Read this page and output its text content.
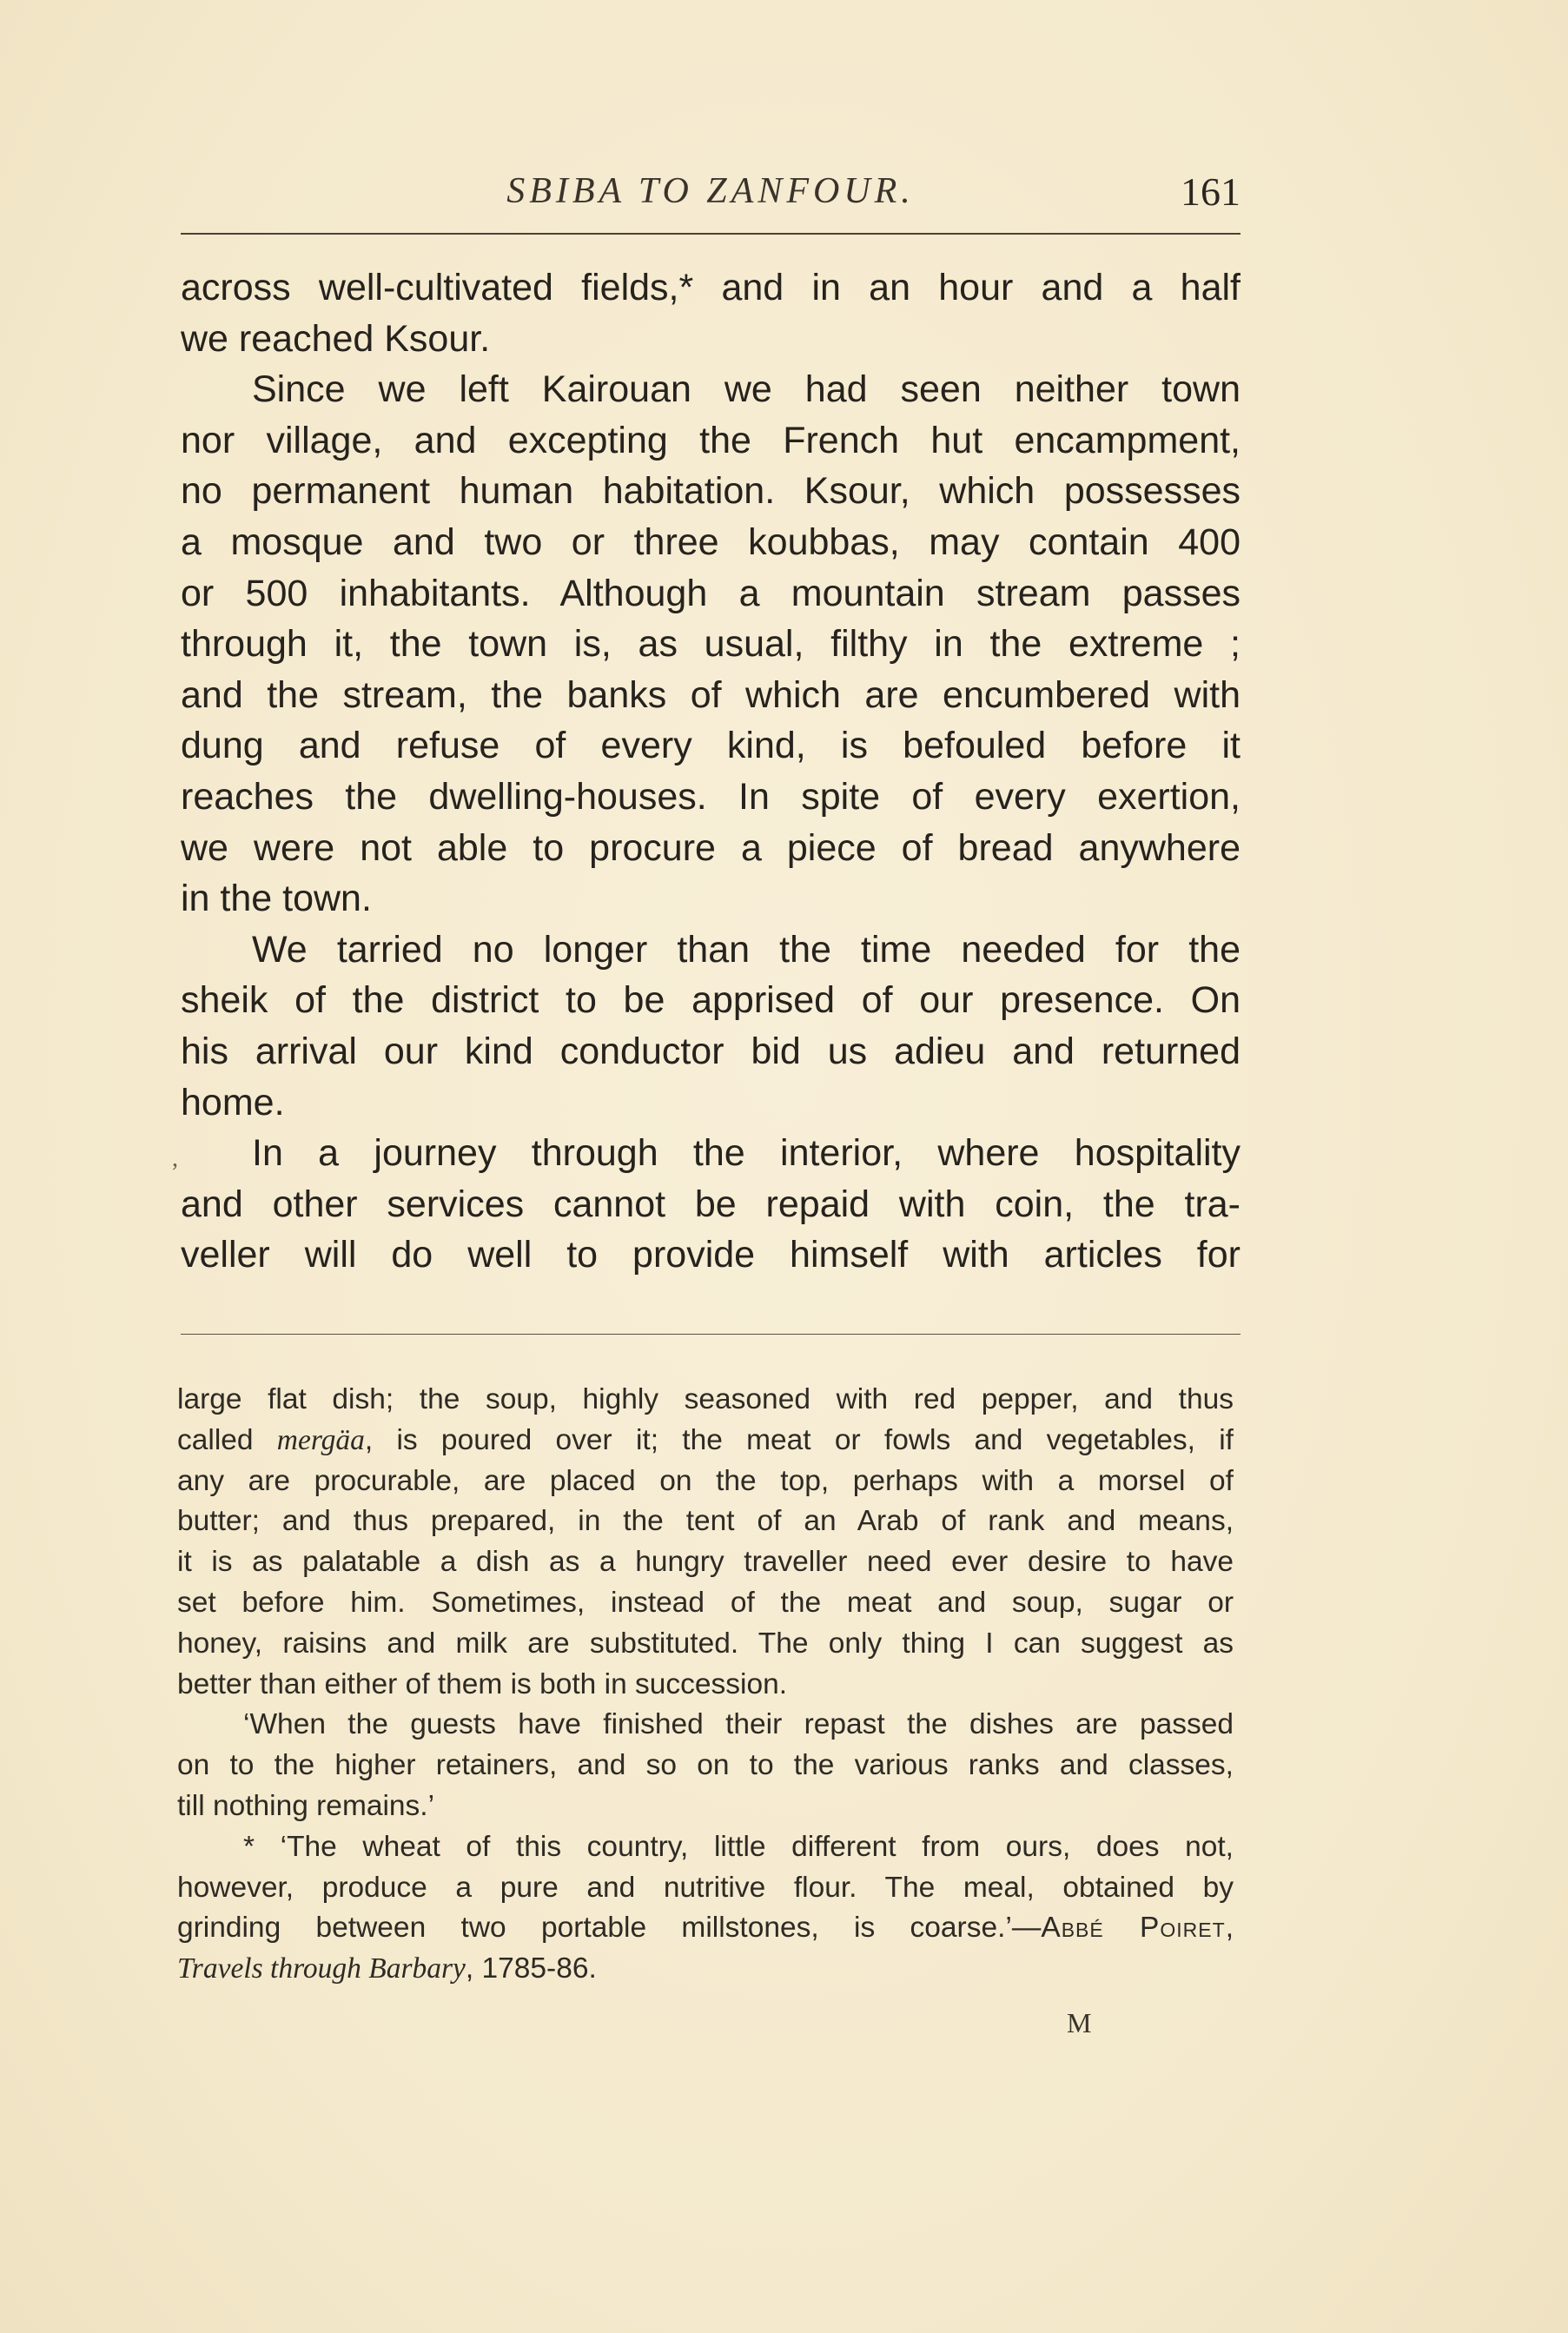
SBIBA TO ZANFOUR.	161
across well-cultivated fields,* and in an hour and a half
we reached Ksour.
Since we left Kairouan we had seen neither town
nor village, and excepting the French hut encampment,
no permanent human habitation. Ksour, which possesses
a mosque and two or three koubbas, may contain 400
or 500 inhabitants. Although a mountain stream passes
through it, the town is, as usual, filthy in the extreme ;
and the stream, the banks of which are encumbered with
dung and refuse of every kind, is befouled before it
reaches the dwelling-houses. In spite of every exertion,
we were not able to procure a piece of bread anywhere
in the town.
We tarried no longer than the time needed for the
sheik of the district to be apprised of our presence. On
his arrival our kind conductor bid us adieu and returned
home.
In a journey through the interior, where hospitality
and other services cannot be repaid with coin, the tra-
veller will do well to provide himself with articles for
,
large flat dish; the soup, highly seasoned with red pepper, and thus
called mergäa, is poured over it; the meat or fowls and vegetables, if
any are procurable, are placed on the top, perhaps with a morsel of
butter; and thus prepared, in the tent of an Arab of rank and means,
it is as palatable a dish as a hungry traveller need ever desire to have
set before him. Sometimes, instead of the meat and soup, sugar or
honey, raisins and milk are substituted. The only thing I can suggest as
better than either of them is both in succession.
‘When the guests have finished their repast the dishes are passed
on to the higher retainers, and so on to the various ranks and classes,
till nothing remains.’
* ‘The wheat of this country, little different from ours, does not,
however, produce a pure and nutritive flour. The meal, obtained by
grinding between two portable millstones, is coarse.’—Abbé Poiret,
Travels through Barbary, 1785-86.
M
